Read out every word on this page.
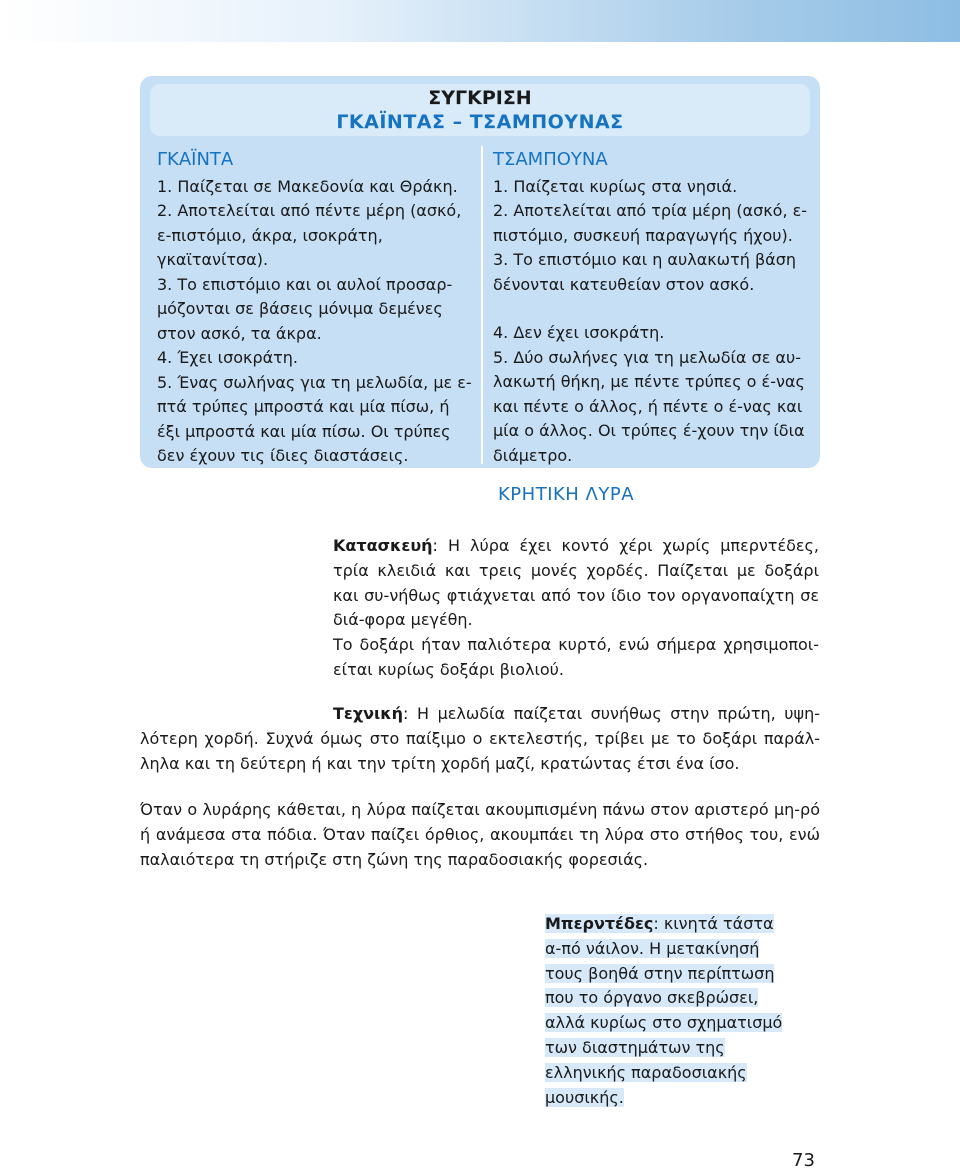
ΣΥΓΚΡΙΣΗ
ΓΚΑΪΝΤΑΣ – ΤΣΑΜΠΟΥΝΑΣ
ΓΚΑΪΝΤΑ
1. Παίζεται σε Μακεδονία και Θράκη.
2. Αποτελείται από πέντε μέρη (ασκό, ε-πιστόμιο, άκρα, ισοκράτη, γκαϊτανίτσα).
3. Το επιστόμιο και οι αυλοί προσαρ-μόζονται σε βάσεις μόνιμα δεμένες στον ασκό, τα άκρα.
4. Έχει ισοκράτη.
5. Ένας σωλήνας για τη μελωδία, με ε-πτά τρύπες μπροστά και μία πίσω, ή έξι μπροστά και μία πίσω. Οι τρύπες δεν έχουν τις ίδιες διαστάσεις.
ΤΣΑΜΠΟΥΝΑ
1. Παίζεται κυρίως στα νησιά.
2. Αποτελείται από τρία μέρη (ασκό, ε-πιστόμιο, συσκευή παραγωγής ήχου).
3. Το επιστόμιο και η αυλακωτή βάση δένονται κατευθείαν στον ασκό.
4. Δεν έχει ισοκράτη.
5. Δύο σωλήνες για τη μελωδία σε αυ-λακωτή θήκη, με πέντε τρύπες ο έ-νας και πέντε ο άλλος, ή πέντε ο έ-νας και μία ο άλλος. Οι τρύπες έ-χουν την ίδια διάμετρο.
ΚΡΗΤΙΚΗ ΛΥΡΑ

Κατασκευή: Η λύρα έχει κοντό χέρι χωρίς μπερντέδες, τρία κλειδιά και τρεις μονές χορδές. Παίζεται με δοξάρι και συ-νήθως φτιάχνεται από τον ίδιο τον οργανοπαίχτη σε διά-φορα μεγέθη.

Το δοξάρι ήταν παλιότερα κυρτό, ενώ σήμερα χρησιμοποι-είται κυρίως δοξάρι βιολιού.

Τεχνική: Η μελωδία παίζεται συνήθως στην πρώτη, υψη-λότερη χορδή. Συχνά όμως στο παίξιμο ο εκτελεστής, τρίβει με το δοξάρι παράλ-ληλα και τη δεύτερη ή και την τρίτη χορδή μαζί, κρατώντας έτσι ένα ίσο.

Όταν ο λυράρης κάθεται, η λύρα παίζεται ακουμπισμένη πάνω στον αριστερό μη-ρό ή ανάμεσα στα πόδια. Όταν παίζει όρθιος, ακουμπάει τη λύρα στο στήθος του, ενώ παλαιότερα τη στήριζε στη ζώνη της παραδοσιακής φορεσιάς.

Μπερντέδες: κινητά τάστα α-πό νάιλον. Η μετακίνησή τους βοηθά στην περίπτωση που το όργανο σκεβρώσει, αλλά κυρίως στο σχηματισμό των διαστημάτων της ελληνικής παραδοσιακής μουσικής.

73
